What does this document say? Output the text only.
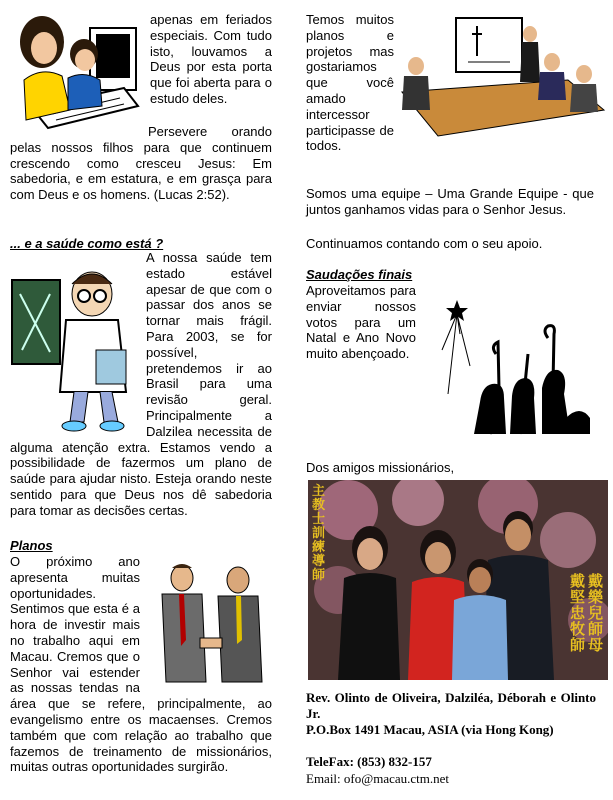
apenas em feriados especiais. Com tudo isto, louvamos a Deus por esta porta que foi aberta para o estudo deles.
Persevere orando pelas nossos filhos para que continuem crescendo como cresceu Jesus: Em sabedoria, e em estatura, e em grasça para com Deus e os homens. (Lucas 2:52).
... e a saúde como está ?
A nossa saúde tem estado estável apesar de que com o passar dos anos se tornar mais frágil. Para 2003, se for possível, pretendemos ir ao Brasil para uma revisão geral. Principalmente a Dalzilea necessita de alguma atenção extra. Estamos vendo a possibilidade de fazermos um plano de saúde para ajudar nisto. Esteja orando neste sentido para que Deus nos dê sabedoria para tomar as decisões certas.
Planos
O próximo ano apresenta muitas oportunidades. Sentimos que esta é a hora de investir mais no trabalho aqui em Macau. Cremos que o Senhor vai estender as nossas tendas na área que se refere, principalmente, ao evangelismo entre os macaenses. Cremos também que com relação ao trabalho que fazemos de treinamento de missionários, muitas outras oportunidades surgirão.
Temos muitos planos e projetos mas gostariamos que você amado intercessor participasse de todos.
Somos uma equipe – Uma Grande Equipe - que juntos ganhamos vidas para o Senhor Jesus.
Continuamos contando com o seu apoio.
Saudações finais
Aproveitamos para enviar nossos votos para um Natal e Ano Novo muito abençoado.
Dos amigos missionários,
主教士訓練導師	戴樂兒師母
戴堅忠牧師
Rev. Olinto de Oliveira, Dalziléa, Déborah e Olinto Jr.
P.O.Box 1491 Macau, ASIA (via Hong Kong)
TeleFax: (853) 832-157
Email: ofo@macau.ctm.net
